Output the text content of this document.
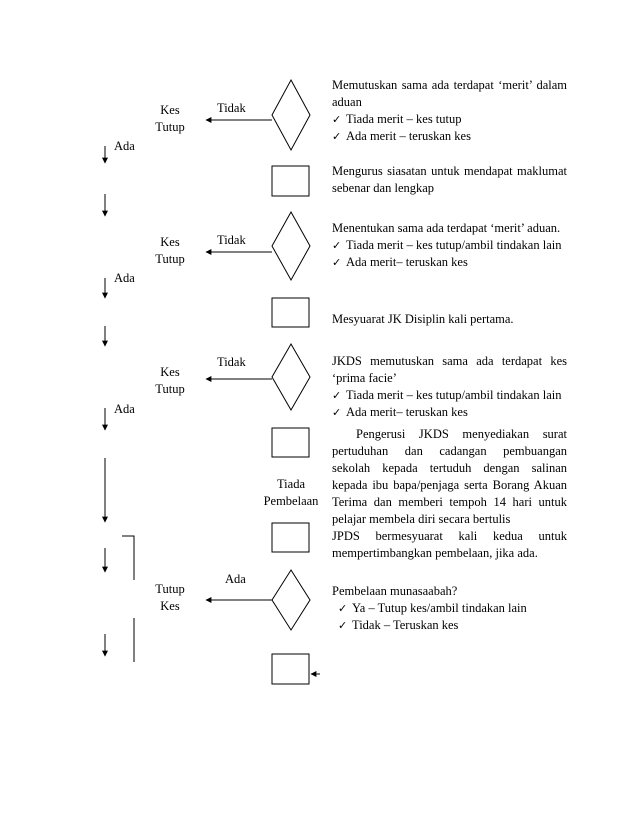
Kes
Tutup
Kes
Tutup
Kes
Tutup
Tutup
Kes
Tidak
Tidak
Tidak
Ada
Ada
Ada
Ada
Tiada
Pembelaan

Memutuskan sama ada terdapat ‘merit’ dalam aduan

✓ Tiada merit – kes tutup
✓ Ada merit – teruskan kes

Mengurus siasatan untuk mendapat maklumat sebenar dan lengkap

Menentukan sama ada terdapat ‘merit’ aduan.

✓ Tiada merit – kes tutup/ambil tindakan lain
✓ Ada merit– teruskan kes

Mesyuarat JK Disiplin kali pertama.

JKDS memutuskan sama ada terdapat kes ‘prima facie’

✓ Tiada merit – kes tutup/ambil tindakan lain
✓ Ada merit– teruskan kes

Pengerusi JKDS menyediakan surat pertuduhan dan cadangan pembuangan sekolah kepada tertuduh dengan salinan kepada ibu bapa/penjaga serta Borang Akuan Terima dan memberi tempoh 14 hari untuk pelajar membela diri secara bertulis

JPDS bermesyuarat kali kedua untuk mempertimbangkan pembelaan, jika ada.

Pembelaan munasaabah?

✓ Ya – Tutup kes/ambil tindakan lain
✓ Tidak – Teruskan kes
